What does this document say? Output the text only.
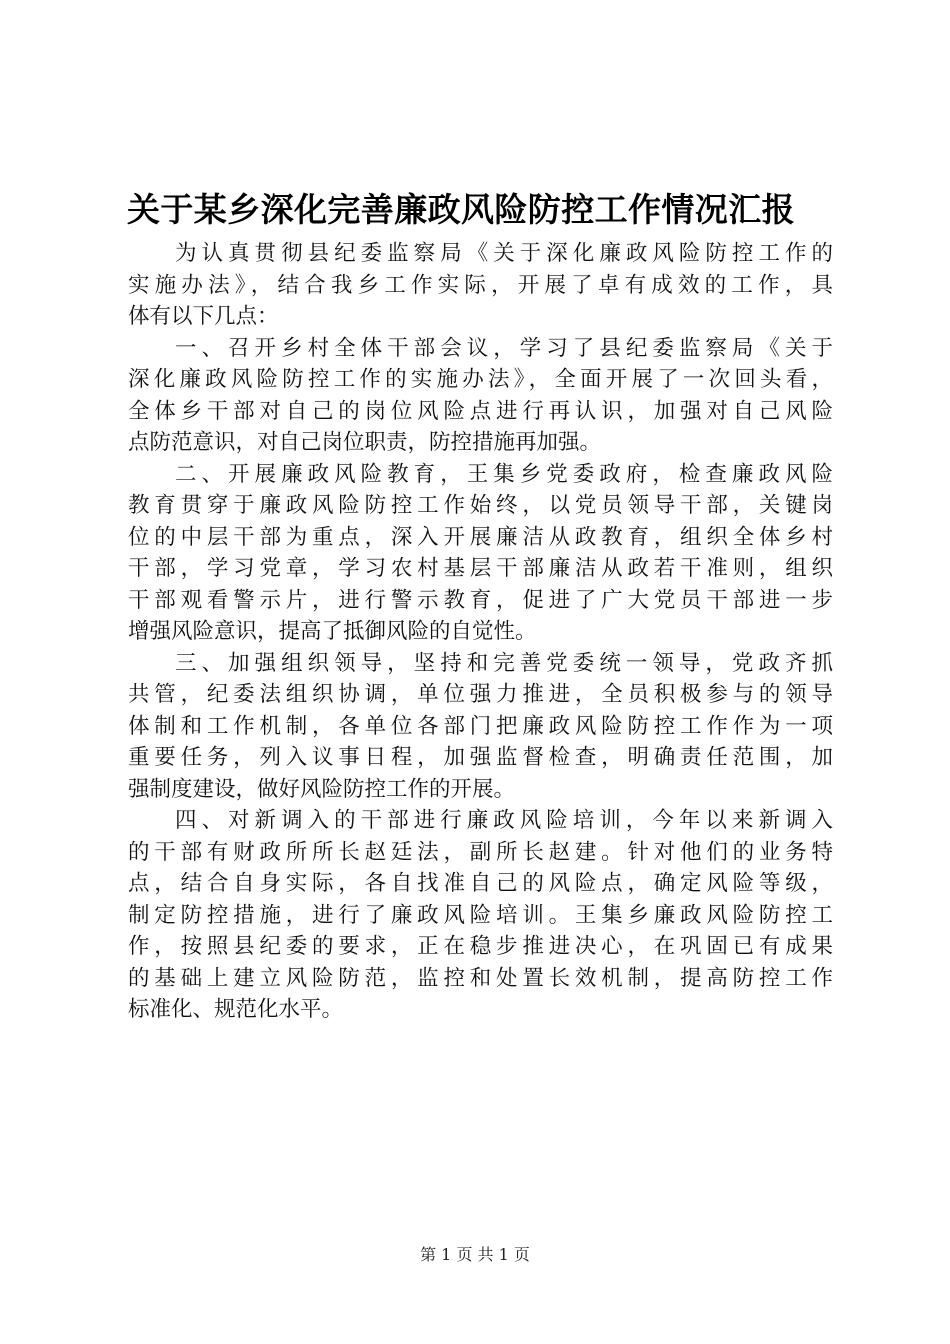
关于某乡深化完善廉政风险防控工作情况汇报
为认真贯彻县纪委监察局《关于深化廉政风险防控工作的
实施办法》，结合我乡工作实际，开展了卓有成效的工作，具
体有以下几点：
一、召开乡村全体干部会议，学习了县纪委监察局《关于
深化廉政风险防控工作的实施办法》，全面开展了一次回头看，
全体乡干部对自己的岗位风险点进行再认识，加强对自己风险
点防范意识，对自己岗位职责，防控措施再加强。
二、开展廉政风险教育，王集乡党委政府，检查廉政风险
教育贯穿于廉政风险防控工作始终，以党员领导干部，关键岗
位的中层干部为重点，深入开展廉洁从政教育，组织全体乡村
干部，学习党章，学习农村基层干部廉洁从政若干准则，组织
干部观看警示片，进行警示教育，促进了广大党员干部进一步
增强风险意识，提高了抵御风险的自觉性。
三、加强组织领导，坚持和完善党委统一领导，党政齐抓
共管，纪委法组织协调，单位强力推进，全员积极参与的领导
体制和工作机制，各单位各部门把廉政风险防控工作作为一项
重要任务，列入议事日程，加强监督检查，明确责任范围，加
强制度建设，做好风险防控工作的开展。
四、对新调入的干部进行廉政风险培训，今年以来新调入
的干部有财政所所长赵廷法，副所长赵建。针对他们的业务特
点，结合自身实际，各自找准自己的风险点，确定风险等级，
制定防控措施，进行了廉政风险培训。王集乡廉政风险防控工
作，按照县纪委的要求，正在稳步推进决心，在巩固已有成果
的基础上建立风险防范，监控和处置长效机制，提高防控工作
标准化、规范化水平。
第 1 页 共 1 页
